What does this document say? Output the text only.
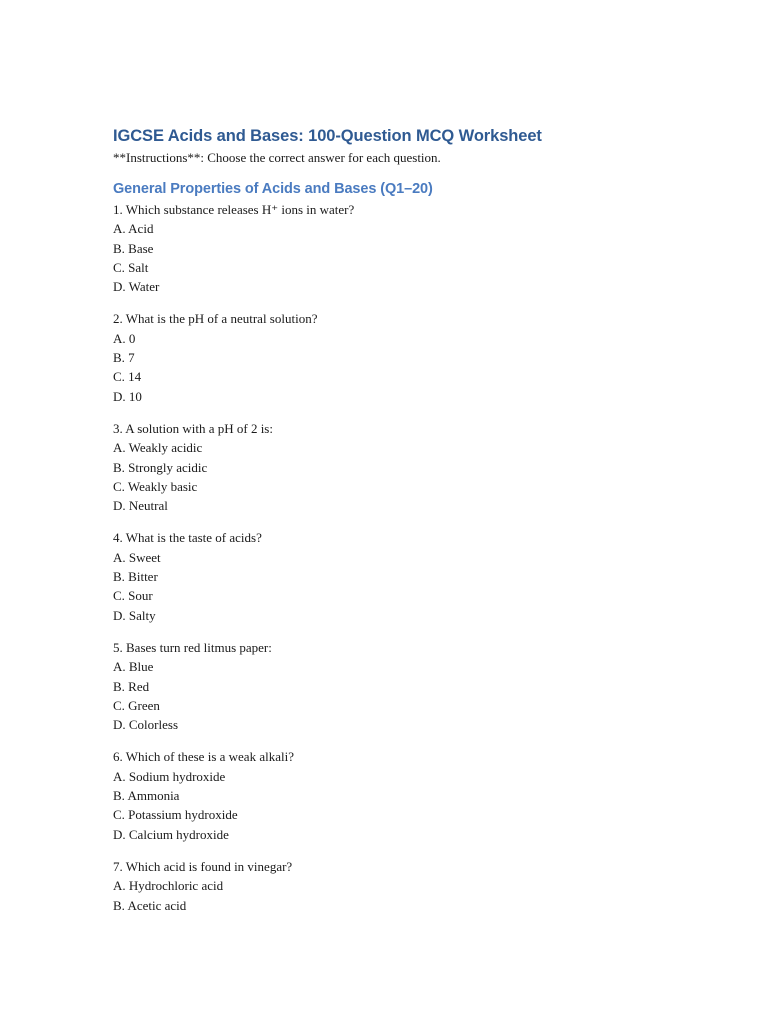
IGCSE Acids and Bases: 100-Question MCQ Worksheet

**Instructions**: Choose the correct answer for each question.

General Properties of Acids and Bases (Q1–20)
1. Which substance releases H⁺ ions in water?
A. Acid
B. Base
C. Salt
D. Water
2. What is the pH of a neutral solution?
A. 0
B. 7
C. 14
D. 10
3. A solution with a pH of 2 is:
A. Weakly acidic
B. Strongly acidic
C. Weakly basic
D. Neutral
4. What is the taste of acids?
A. Sweet
B. Bitter
C. Sour
D. Salty
5. Bases turn red litmus paper:
A. Blue
B. Red
C. Green
D. Colorless
6. Which of these is a weak alkali?
A. Sodium hydroxide
B. Ammonia
C. Potassium hydroxide
D. Calcium hydroxide
7. Which acid is found in vinegar?
A. Hydrochloric acid
B. Acetic acid
